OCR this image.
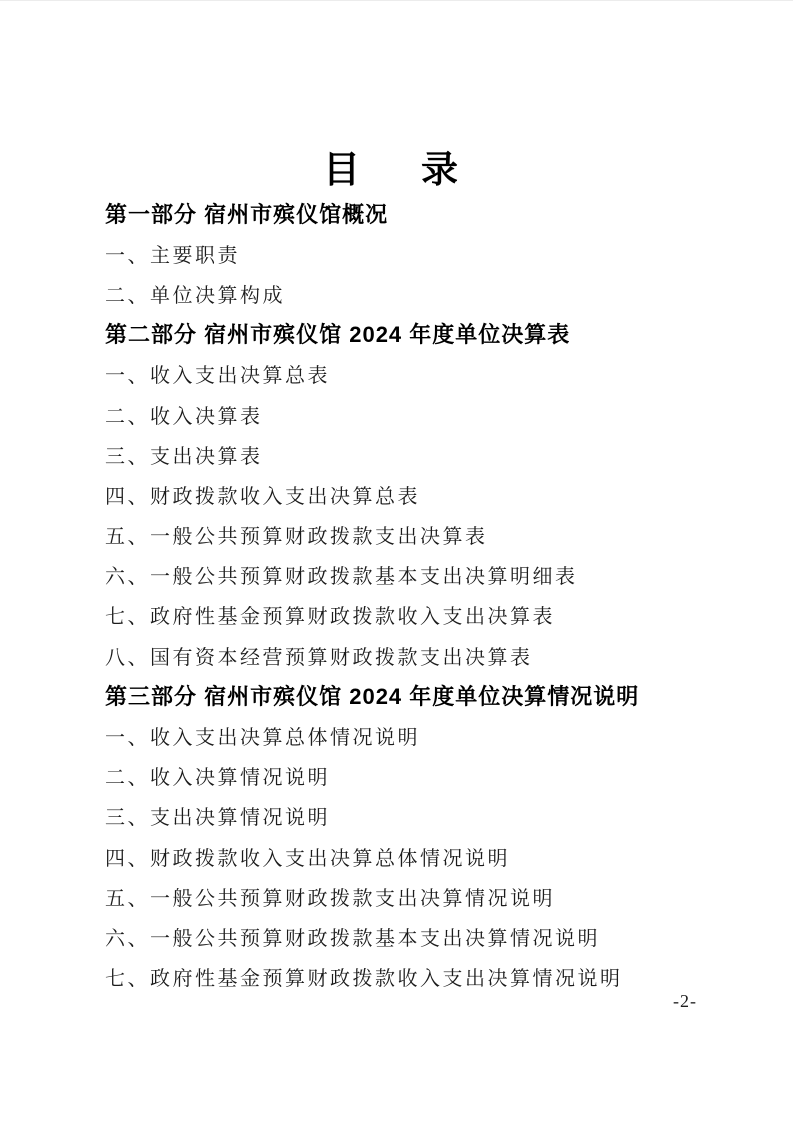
目　录
第一部分 宿州市殡仪馆概况
一、主要职责
二、单位决算构成
第二部分 宿州市殡仪馆 2024 年度单位决算表
一、收入支出决算总表
二、收入决算表
三、支出决算表
四、财政拨款收入支出决算总表
五、一般公共预算财政拨款支出决算表
六、一般公共预算财政拨款基本支出决算明细表
七、政府性基金预算财政拨款收入支出决算表
八、国有资本经营预算财政拨款支出决算表
第三部分 宿州市殡仪馆 2024 年度单位决算情况说明
一、收入支出决算总体情况说明
二、收入决算情况说明
三、支出决算情况说明
四、财政拨款收入支出决算总体情况说明
五、一般公共预算财政拨款支出决算情况说明
六、一般公共预算财政拨款基本支出决算情况说明
七、政府性基金预算财政拨款收入支出决算情况说明
-2-
